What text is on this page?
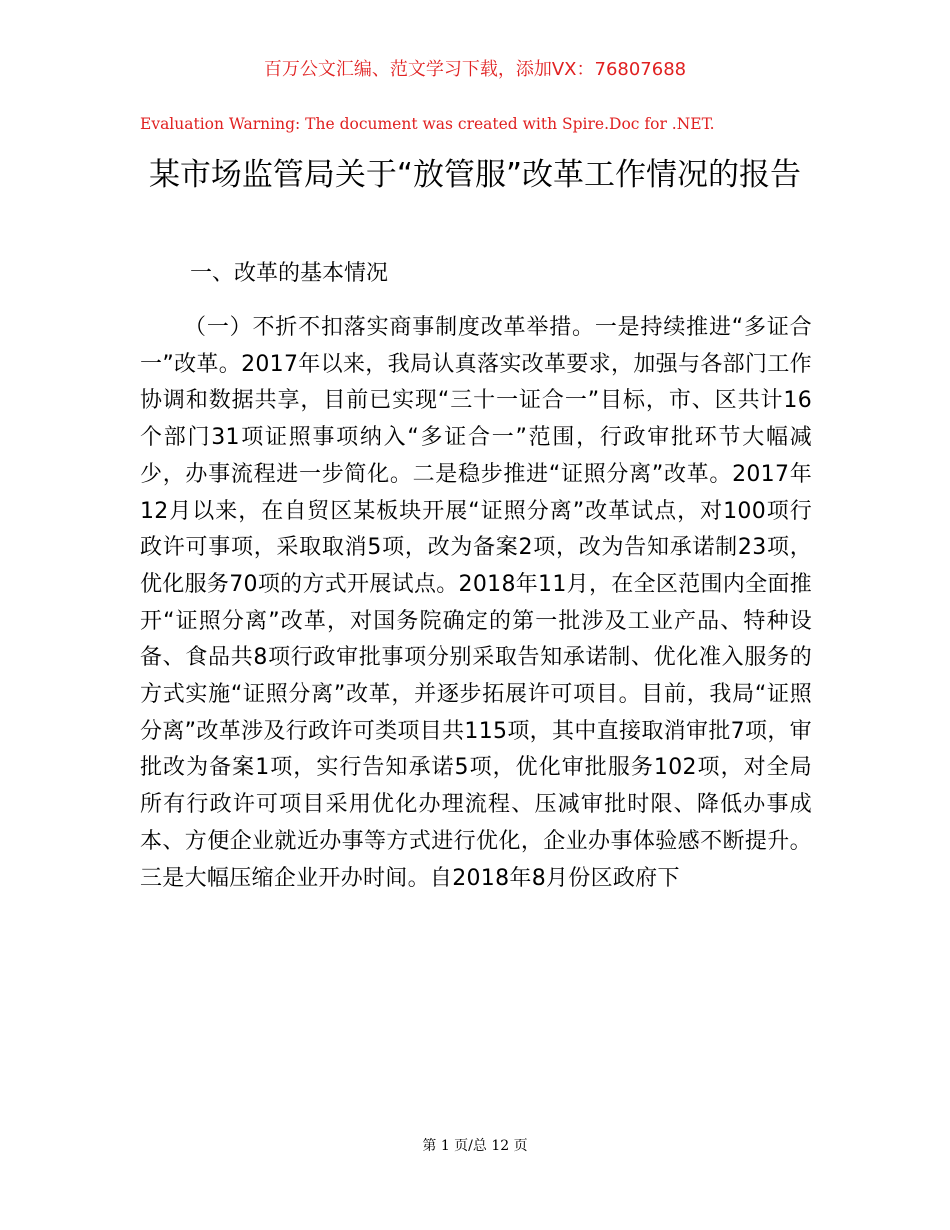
百万公文汇编、范文学习下载，添加VX：76807688
Evaluation Warning: The document was created with Spire.Doc for .NET.
某市场监管局关于“放管服”改革工作情况的报告
一、改革的基本情况

（一）不折不扣落实商事制度改革举措。一是持续推进“多证合一”改革。2017年以来，我局认真落实改革要求，加强与各部门工作协调和数据共享，目前已实现“三十一证合一”目标，市、区共计16个部门31项证照事项纳入“多证合一”范围，行政审批环节大幅减少，办事流程进一步简化。二是稳步推进“证照分离”改革。2017年12月以来，在自贸区某板块开展“证照分离”改革试点，对100项行政许可事项，采取取消5项，改为备案2项，改为告知承诺制23项，优化服务70项的方式开展试点。2018年11月，在全区范围内全面推开“证照分离”改革，对国务院确定的第一批涉及工业产品、特种设备、食品共8项行政审批事项分别采取告知承诺制、优化准入服务的方式实施“证照分离”改革，并逐步拓展许可项目。目前，我局“证照分离”改革涉及行政许可类项目共115项，其中直接取消审批7项，审批改为备案1项，实行告知承诺5项，优化审批服务102项，对全局所有行政许可项目采用优化办理流程、压减审批时限、降低办事成本、方便企业就近办事等方式进行优化，企业办事体验感不断提升。三是大幅压缩企业开办时间。自2018年8月份区政府下

第 1 页/总 12 页
